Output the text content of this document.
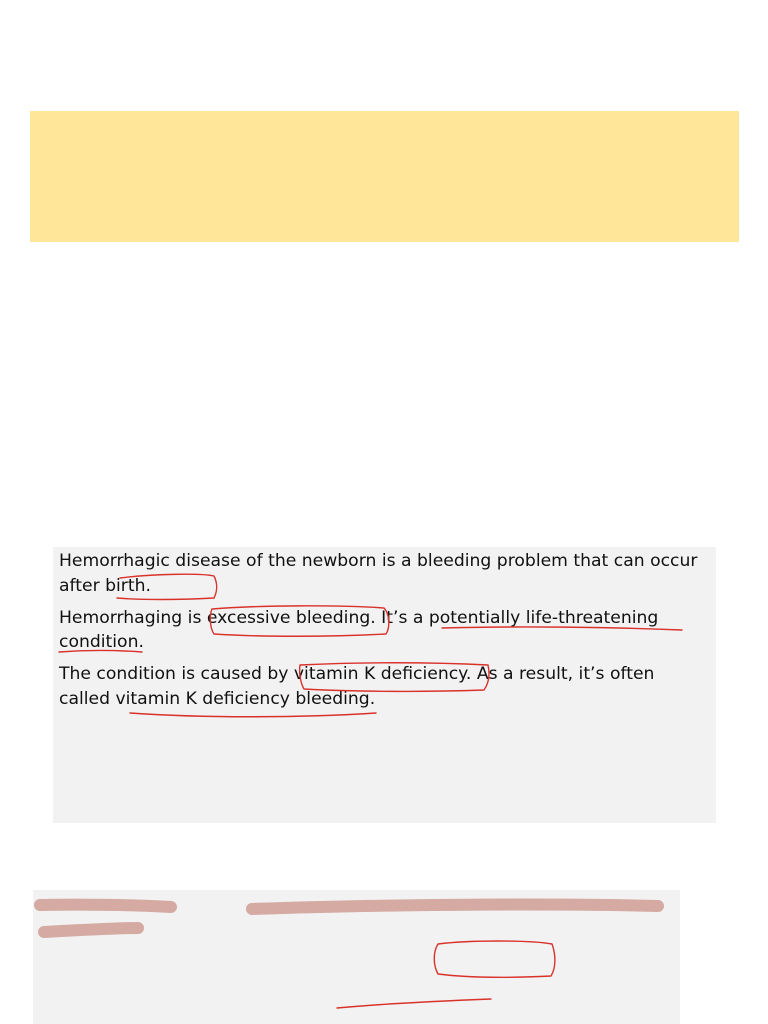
Hemorrhagic disease of the newborn is a bleeding problem that can occur after birth.

Hemorrhaging is excessive bleeding. It’s a potentially life-threatening condition.

The condition is caused by vitamin K deficiency. As a result, it’s often called vitamin K deficiency bleeding.
